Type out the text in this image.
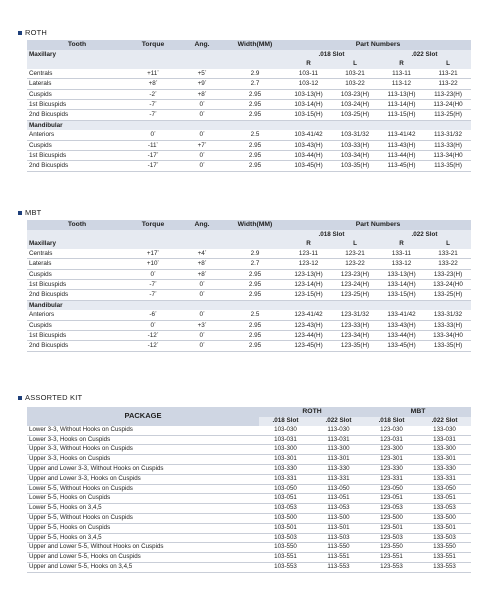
ROTH
Tooth	Torque	Ang.	Width(MM)	Part Numbers			
Maxillary				.018 Slot		.022 Slot	
				R	L	R	L
Centrals	+11°	+5°	2.9	103-11	103-21	113-11	113-21
Laterals	+8°	+9°	2.7	103-12	103-22	113-12	113-22
Cuspids	-2°	+8°	2.95	103-13(H)	103-23(H)	113-13(H)	113-23(H)
1st Bicuspids	-7°	0°	2.95	103-14(H)	103-24(H)	113-14(H)	113-24(H0
2nd Bicuspids	-7°	0°	2.95	103-15(H)	103-25(H)	113-15(H)	113-25(H)
Mandibular							
Anteriors	0°	0°	2.5	103-41/42	103-31/32	113-41/42	113-31/32
Cuspids	-11°	+7°	2.95	103-43(H)	103-33(H)	113-43(H)	113-33(H)
1st Bicuspids	-17°	0°	2.95	103-44(H)	103-34(H)	113-44(H)	113-34(H0
2nd Bicuspids	-17°	0°	2.95	103-45(H)	103-35(H)	113-45(H)	113-35(H)
MBT
Tooth	Torque	Ang.	Width(MM)	Part Numbers			
				.018 Slot		.022 Slot	
Maxillary				R	L	R	L
Centrals	+17°	+4°	2.9	123-11	123-21	133-11	133-21
Laterals	+10°	+8°	2.7	123-12	123-22	133-12	133-22
Cuspids	0°	+8°	2.95	123-13(H)	123-23(H)	133-13(H)	133-23(H)
1st Bicuspids	-7°	0°	2.95	123-14(H)	123-24(H)	133-14(H)	133-24(H0
2nd Bicuspids	-7°	0°	2.95	123-15(H)	123-25(H)	133-15(H)	133-25(H)
Mandibular							
Anteriors	-6°	0°	2.5	123-41/42	123-31/32	133-41/42	133-31/32
Cuspids	0°	+3°	2.95	123-43(H)	123-33(H)	133-43(H)	133-33(H)
1st Bicuspids	-12°	0°	2.95	123-44(H)	123-34(H)	133-44(H)	133-34(H0
2nd Bicuspids	-12°	0°	2.95	123-45(H)	123-35(H)	133-45(H)	133-35(H)
ASSORTED KIT
PACKAGE	ROTH		MBT	
	.018 Slot	.022 Slot	.018 Slot	.022 Slot
Lower 3-3, Without Hooks on Cuspids	103-030	113-030	123-030	133-030
Lower 3-3, Hooks on Cuspids	103-031	113-031	123-031	133-031
Upper 3-3, Without Hooks on Cuspids	103-300	113-300	123-300	133-300
Upper 3-3, Hooks on Cuspids	103-301	113-301	123-301	133-301
Upper and Lower 3-3, Without Hooks on Cuspids	103-330	113-330	123-330	133-330
Upper and Lower 3-3, Hooks on Cuspids	103-331	113-331	123-331	133-331
Lower 5-5, Without Hooks on Cuspids	103-050	113-050	123-050	133-050
Lower 5-5, Hooks on Cuspids	103-051	113-051	123-051	133-051
Lower 5-5, Hooks on 3,4,5	103-053	113-053	123-053	133-053
Upper 5-5, Without Hooks on Cuspids	103-500	113-500	123-500	133-500
Upper 5-5, Hooks on Cuspids	103-501	113-501	123-501	133-501
Upper 5-5, Hooks on 3,4,5	103-503	113-503	123-503	133-503
Upper and Lower 5-5, Without Hooks on Cuspids	103-550	113-550	123-550	133-550
Upper and Lower 5-5, Hooks on Cuspids	103-551	113-551	123-551	133-551
Upper and Lower 5-5, Hooks on 3,4,5	103-553	113-553	123-553	133-553
